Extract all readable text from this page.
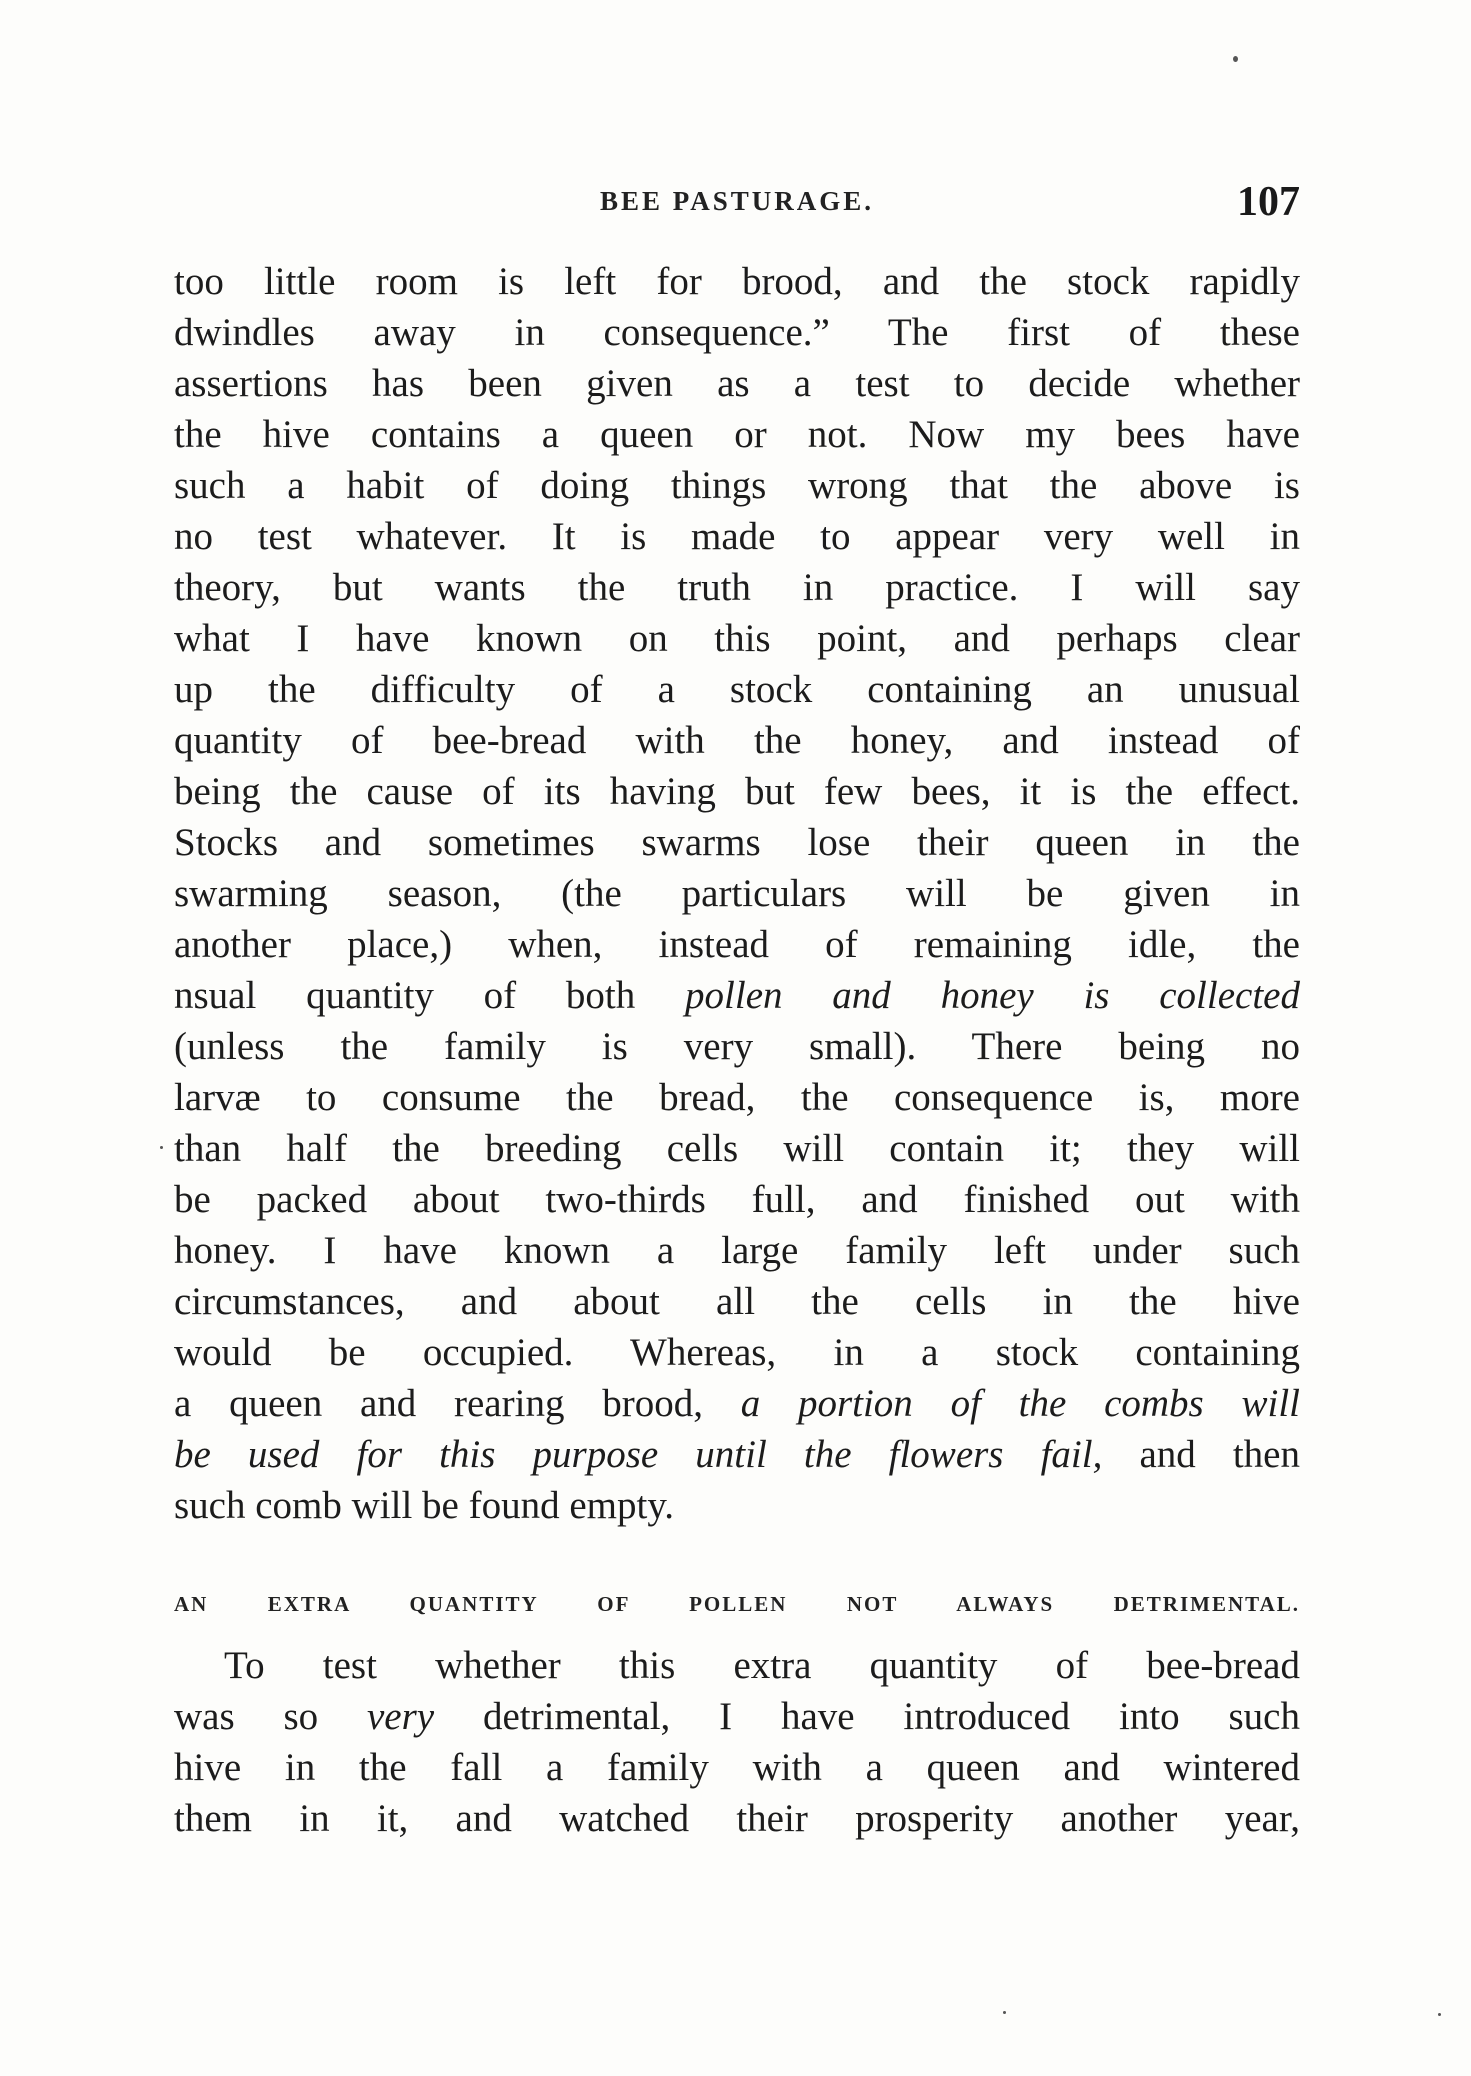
BEE PASTURAGE.	107
too little room is left for brood, and the stock rapidly
dwindles away in consequence.” The first of these
assertions has been given as a test to decide whether
the hive contains a queen or not. Now my bees have
such a habit of doing things wrong that the above is
no test whatever. It is made to appear very well in
theory, but wants the truth in practice. I will say
what I have known on this point, and perhaps clear
up the difficulty of a stock containing an unusual
quantity of bee-bread with the honey, and instead of
being the cause of its having but few bees, it is the effect.
Stocks and sometimes swarms lose their queen in the
swarming season, (the particulars will be given in
another place,) when, instead of remaining idle, the
nsual quantity of both pollen and honey is collected
(unless the family is very small). There being no
larvæ to consume the bread, the consequence is, more
than half the breeding cells will contain it; they will
be packed about two-thirds full, and finished out with
honey. I have known a large family left under such
circumstances, and about all the cells in the hive
would be occupied. Whereas, in a stock containing
a queen and rearing brood, a portion of the combs will
be used for this purpose until the flowers fail, and then
such comb will be found empty.
AN EXTRA QUANTITY OF POLLEN NOT ALWAYS DETRIMENTAL.
To test whether this extra quantity of bee-bread
was so very detrimental, I have introduced into such
hive in the fall a family with a queen and wintered
them in it, and watched their prosperity another year,
